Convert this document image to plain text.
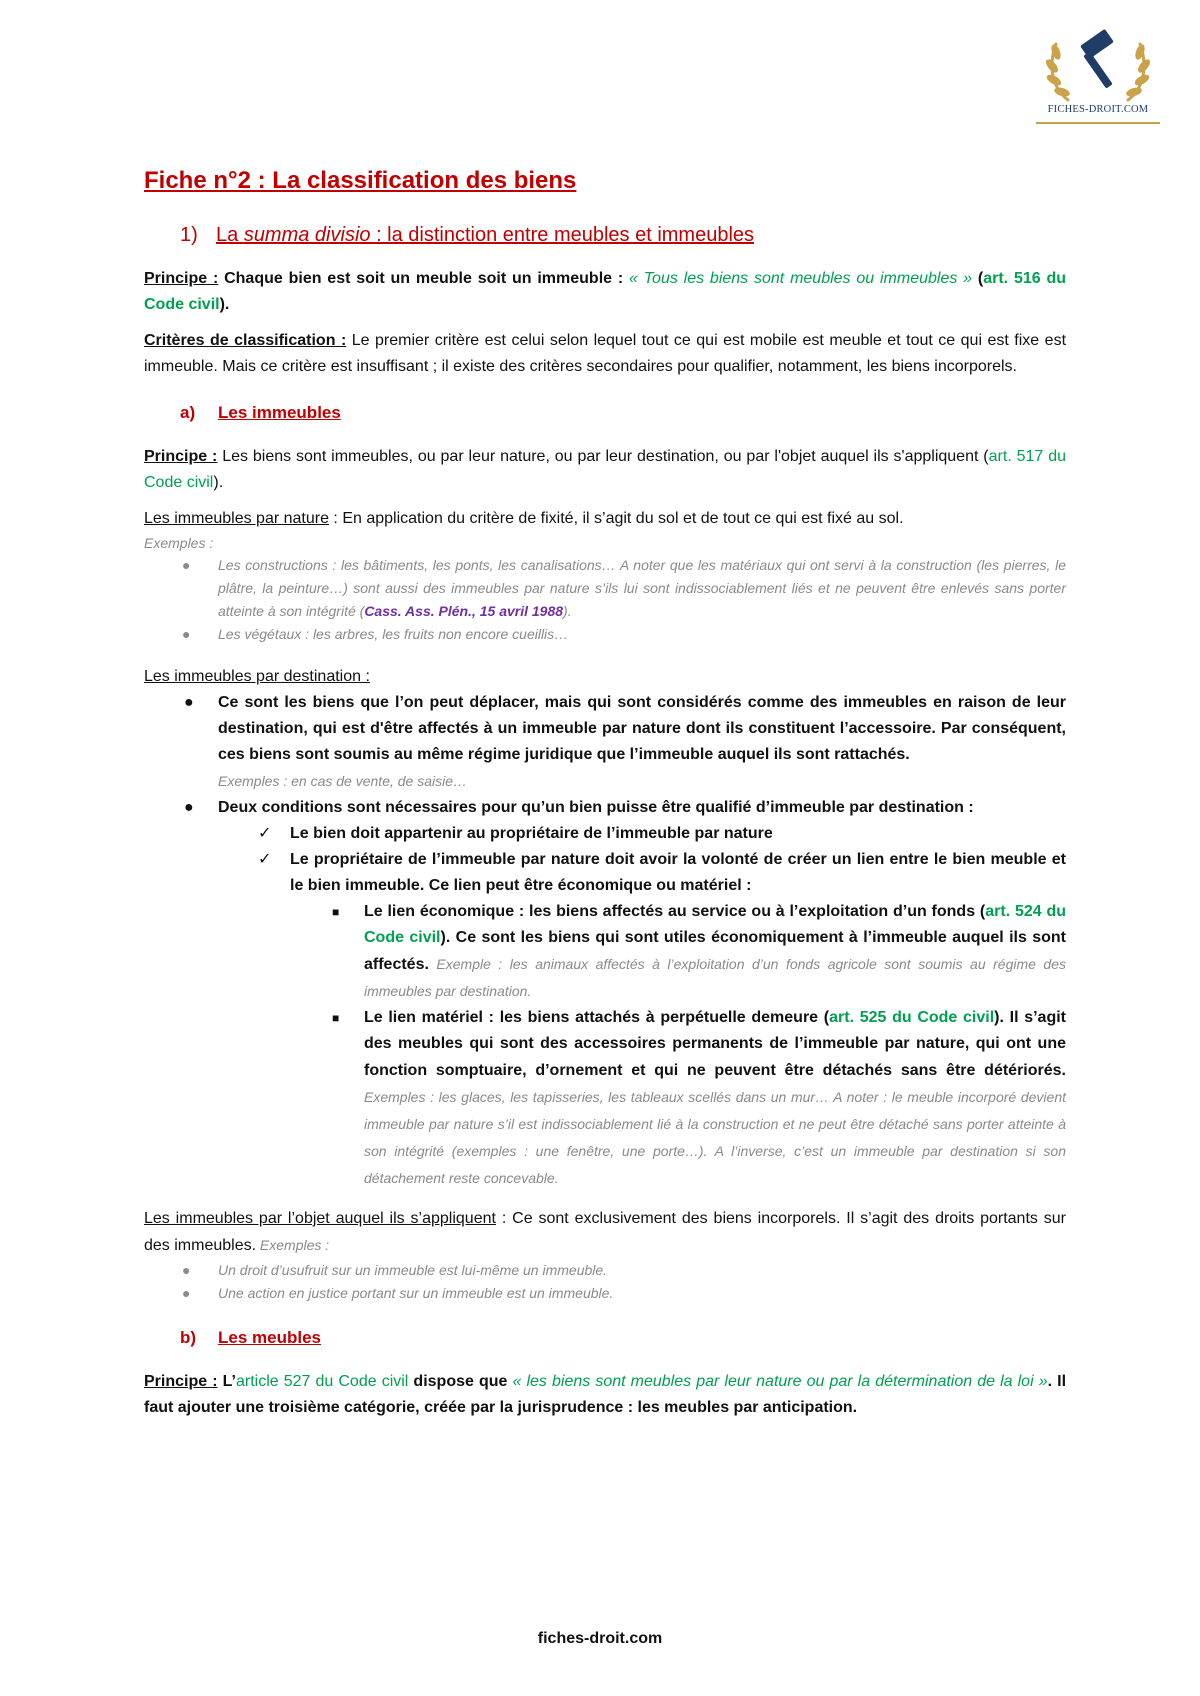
FICHES-DROIT.COM
Fiche n°2 : La classification des biens
1) La summa divisio : la distinction entre meubles et immeubles

Principe : Chaque bien est soit un meuble soit un immeuble : « Tous les biens sont meubles ou immeubles » (art. 516 du Code civil).

Critères de classification : Le premier critère est celui selon lequel tout ce qui est mobile est meuble et tout ce qui est fixe est immeuble. Mais ce critère est insuffisant ; il existe des critères secondaires pour qualifier, notamment, les biens incorporels.

a)	Les immeubles

Principe : Les biens sont immeubles, ou par leur nature, ou par leur destination, ou par l'objet auquel ils s'appliquent (art. 517 du Code civil).

Les immeubles par nature : En application du critère de fixité, il s’agit du sol et de tout ce qui est fixé au sol.

Exemples :
● Les constructions : les bâtiments, les ponts, les canalisations… A noter que les matériaux qui ont servi à la construction (les pierres, le plâtre, la peinture…) sont aussi des immeubles par nature s’ils lui sont indissociablement liés et ne peuvent être enlevés sans porter atteinte à son intégrité (Cass. Ass. Plén., 15 avril 1988).
● Les végétaux : les arbres, les fruits non encore cueillis…

Les immeubles par destination :

● Ce sont les biens que l’on peut déplacer, mais qui sont considérés comme des immeubles en raison de leur destination, qui est d'être affectés à un immeuble par nature dont ils constituent l’accessoire. Par conséquent, ces biens sont soumis au même régime juridique que l’immeuble auquel ils sont rattachés.
Exemples : en cas de vente, de saisie…
● Deux conditions sont nécessaires pour qu’un bien puisse être qualifié d’immeuble par destination :
✓ Le bien doit appartenir au propriétaire de l’immeuble par nature
✓ Le propriétaire de l’immeuble par nature doit avoir la volonté de créer un lien entre le bien meuble et le bien immeuble. Ce lien peut être économique ou matériel :
■ Le lien économique : les biens affectés au service ou à l’exploitation d’un fonds (art. 524 du Code civil). Ce sont les biens qui sont utiles économiquement à l’immeuble auquel ils sont affectés. Exemple : les animaux affectés à l’exploitation d’un fonds agricole sont soumis au régime des immeubles par destination.
■ Le lien matériel : les biens attachés à perpétuelle demeure (art. 525 du Code civil). Il s’agit des meubles qui sont des accessoires permanents de l’immeuble par nature, qui ont une fonction somptuaire, d’ornement et qui ne peuvent être détachés sans être détériorés. Exemples : les glaces, les tapisseries, les tableaux scellés dans un mur… A noter : le meuble incorporé devient immeuble par nature s’il est indissociablement lié à la construction et ne peut être détaché sans porter atteinte à son intégrité (exemples : une fenêtre, une porte…). A l’inverse, c’est un immeuble par destination si son détachement reste concevable.

Les immeubles par l’objet auquel ils s’appliquent : Ce sont exclusivement des biens incorporels. Il s’agit des droits portants sur des immeubles. Exemples :

● Un droit d’usufruit sur un immeuble est lui-même un immeuble.
● Une action en justice portant sur un immeuble est un immeuble.
b)	Les meubles

Principe : L’article 527 du Code civil dispose que « les biens sont meubles par leur nature ou par la détermination de la loi ». Il faut ajouter une troisième catégorie, créée par la jurisprudence : les meubles par anticipation.

fiches-droit.com
